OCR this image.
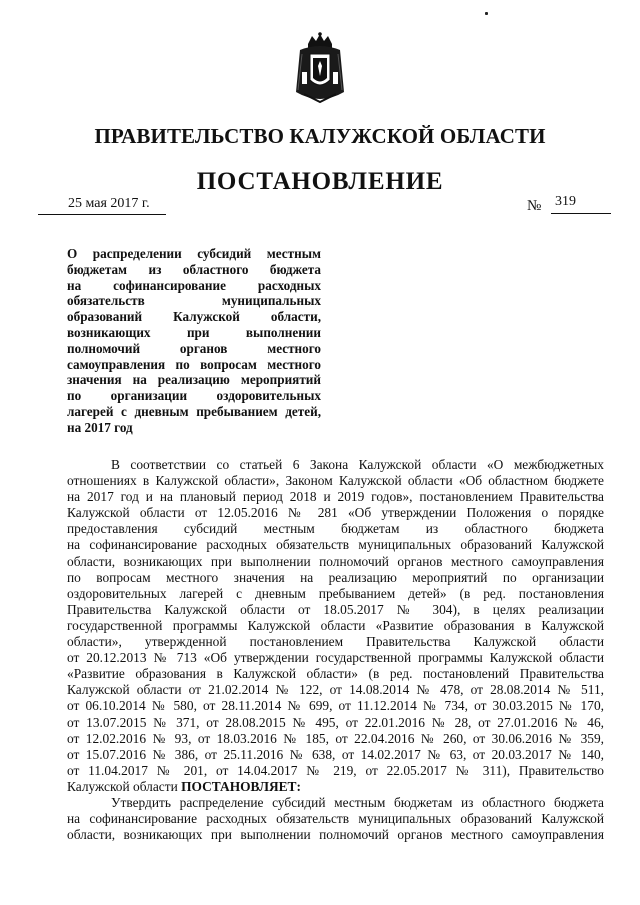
ПРАВИТЕЛЬСТВО КАЛУЖСКОЙ ОБЛАСТИ
ПОСТАНОВЛЕНИЕ
25 мая 2017 г.	№ 319
О распределении субсидий местным
бюджетам из областного бюджета
на софинансирование расходных
обязательств муниципальных
образований Калужской области,
возникающих при выполнении
полномочий органов местного
самоуправления по вопросам местного
значения на реализацию мероприятий
по организации оздоровительных
лагерей с дневным пребыванием детей,
на 2017 год
В соответствии со статьей 6 Закона Калужской области «О межбюджетных
отношениях в Калужской области», Законом Калужской области «Об областном бюджете
на 2017 год и на плановый период 2018 и 2019 годов», постановлением Правительства
Калужской области от 12.05.2016 № 281 «Об утверждении Положения о порядке
предоставления субсидий местным бюджетам из областного бюджета
на софинансирование расходных обязательств муниципальных образований Калужской
области, возникающих при выполнении полномочий органов местного самоуправления
по вопросам местного значения на реализацию мероприятий по организации
оздоровительных лагерей с дневным пребыванием детей» (в ред. постановления
Правительства Калужской области от 18.05.2017 № 304), в целях реализации
государственной программы Калужской области «Развитие образования в Калужской
области», утвержденной постановлением Правительства Калужской области
от 20.12.2013 № 713 «Об утверждении государственной программы Калужской области
«Развитие образования в Калужской области» (в ред. постановлений Правительства
Калужской области от 21.02.2014 № 122, от 14.08.2014 № 478, от 28.08.2014 № 511,
от 06.10.2014 № 580, от 28.11.2014 № 699, от 11.12.2014 № 734, от 30.03.2015 № 170,
от 13.07.2015 № 371, от 28.08.2015 № 495, от 22.01.2016 № 28, от 27.01.2016 № 46,
от 12.02.2016 № 93, от 18.03.2016 № 185, от 22.04.2016 № 260, от 30.06.2016 № 359,
от 15.07.2016 № 386, от 25.11.2016 № 638, от 14.02.2017 № 63, от 20.03.2017 № 140,
от 11.04.2017 № 201, от 14.04.2017 № 219, от 22.05.2017 № 311), Правительство
Калужской области ПОСТАНОВЛЯЕТ:
Утвердить распределение субсидий местным бюджетам из областного бюджета
на софинансирование расходных обязательств муниципальных образований Калужской
области, возникающих при выполнении полномочий органов местного самоуправления
